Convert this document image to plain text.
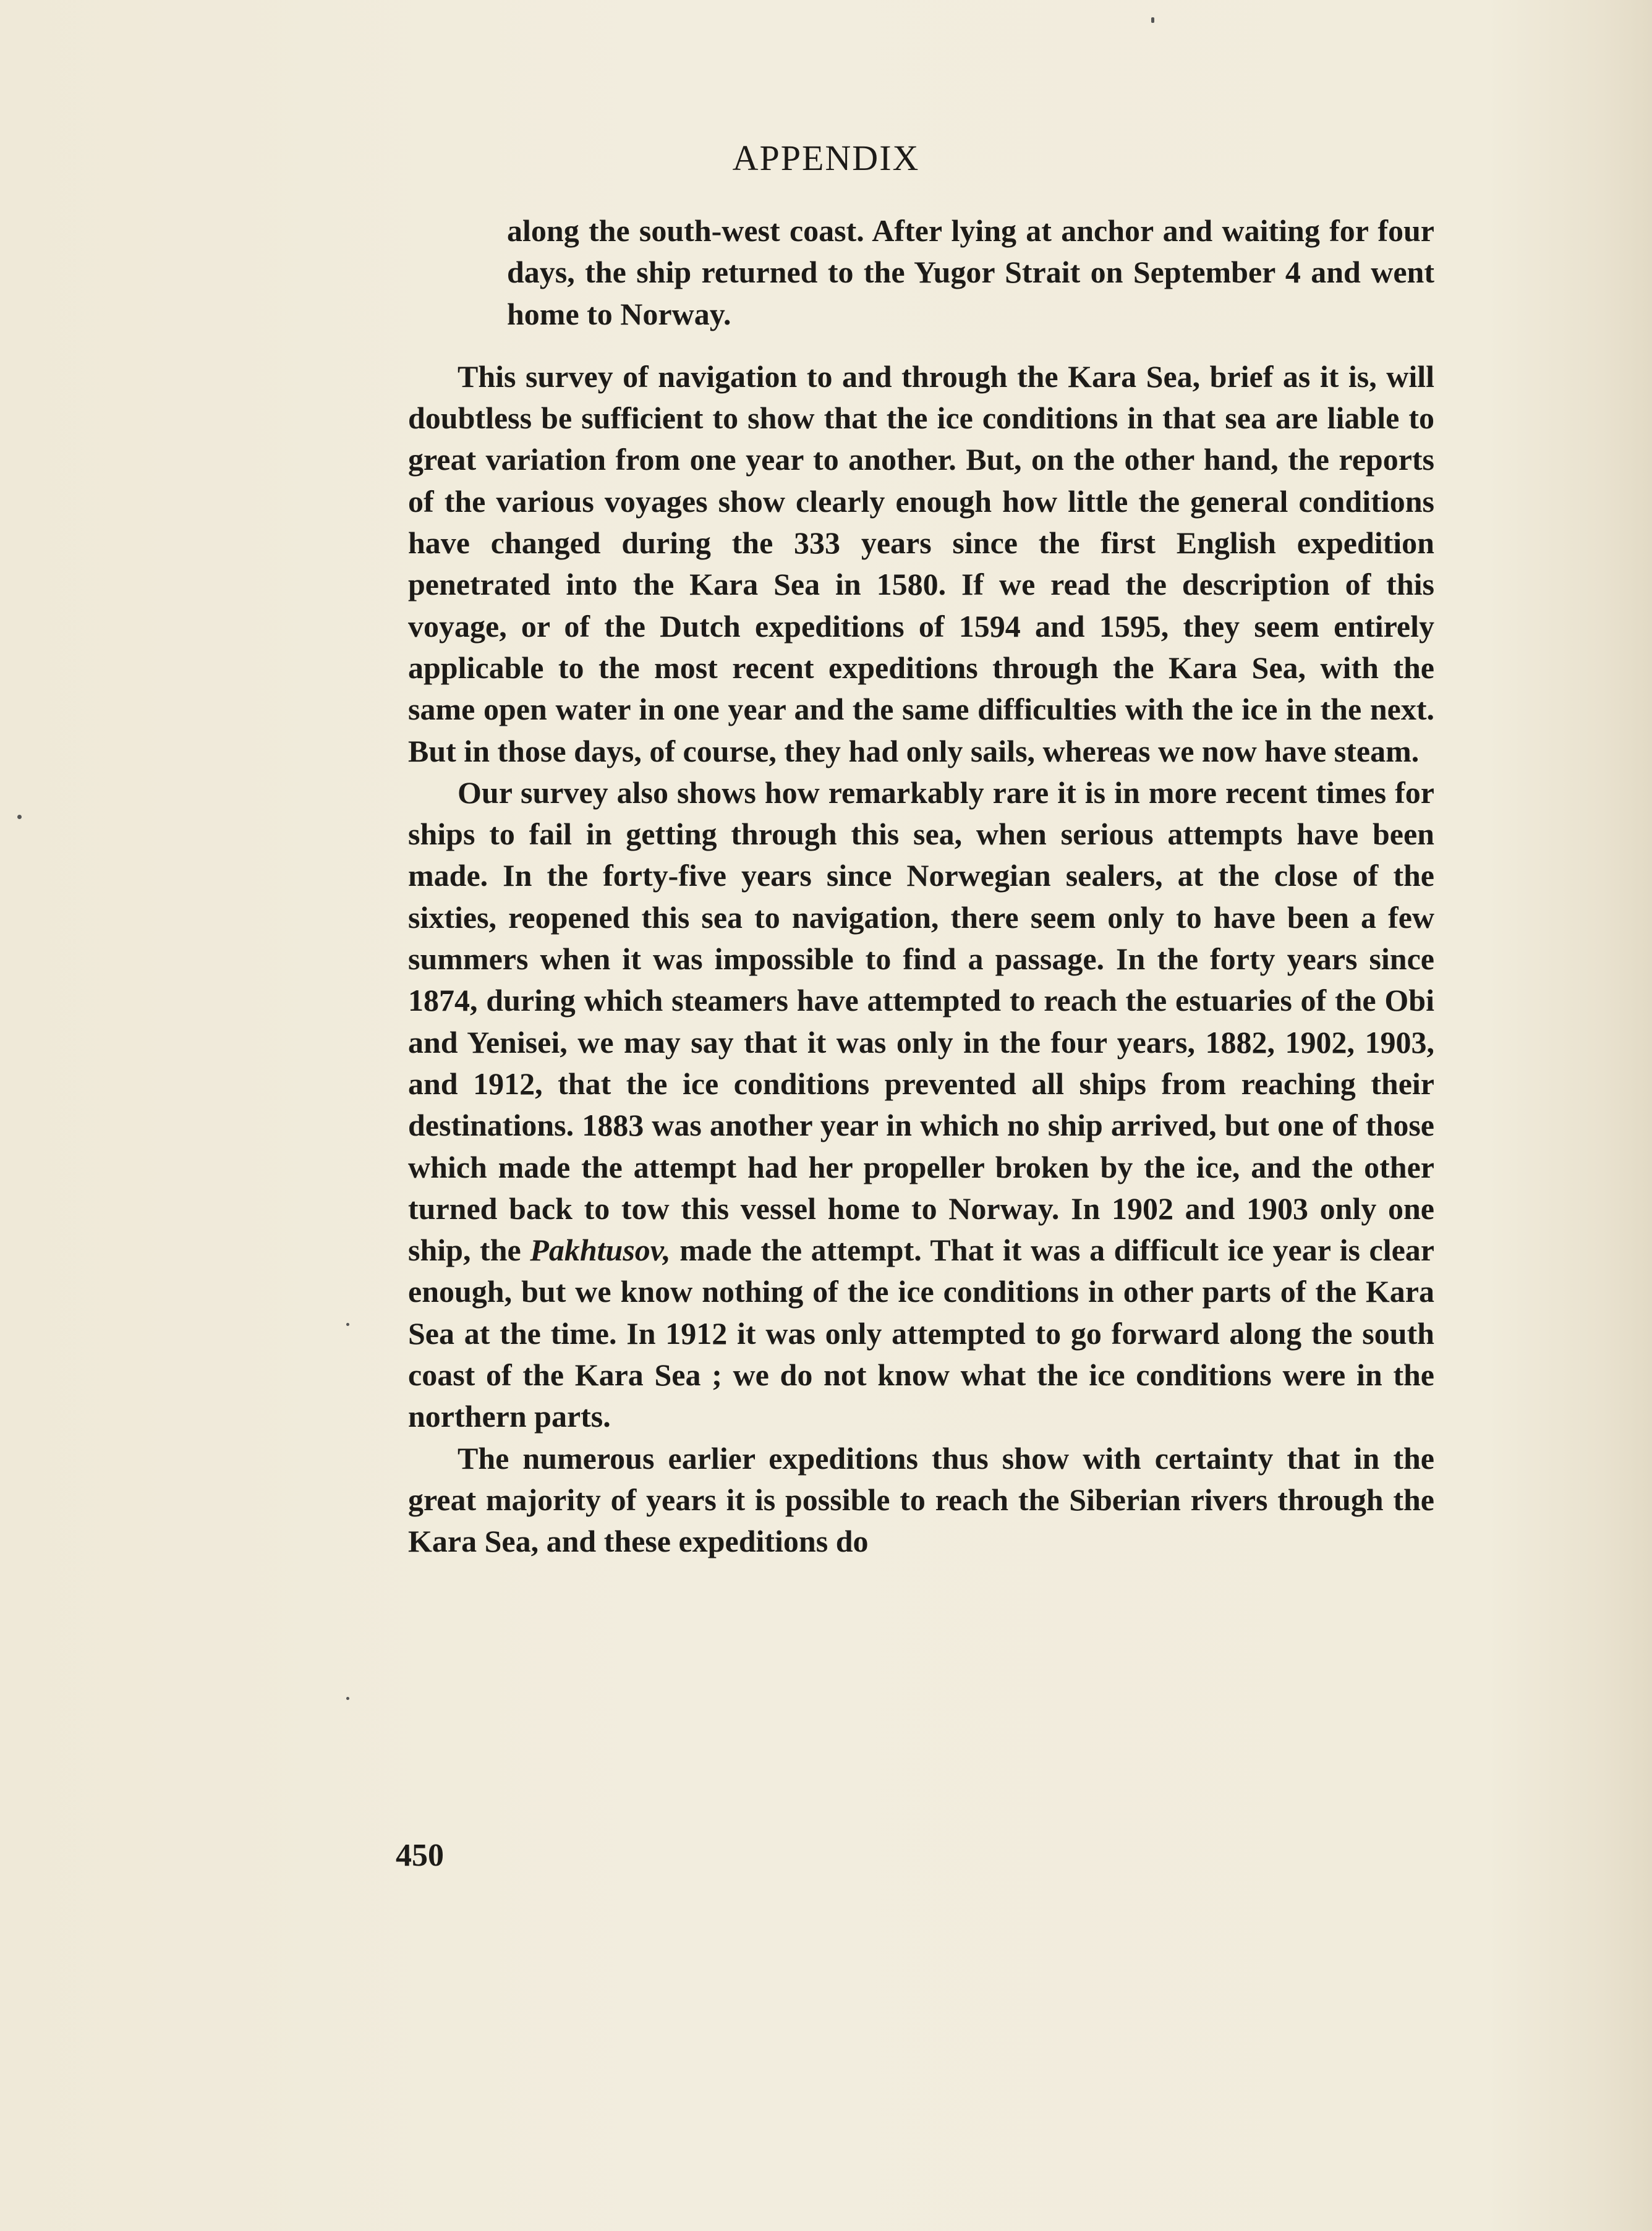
APPENDIX

along the south-west coast. After lying at anchor and waiting for four days, the ship returned to the Yugor Strait on September 4 and went home to Norway.

This survey of navigation to and through the Kara Sea, brief as it is, will doubtless be sufficient to show that the ice conditions in that sea are liable to great variation from one year to another. But, on the other hand, the reports of the various voyages show clearly enough how little the general conditions have changed during the 333 years since the first English expedition penetrated into the Kara Sea in 1580. If we read the description of this voyage, or of the Dutch expeditions of 1594 and 1595, they seem entirely applicable to the most recent expeditions through the Kara Sea, with the same open water in one year and the same difficulties with the ice in the next. But in those days, of course, they had only sails, whereas we now have steam.

Our survey also shows how remarkably rare it is in more recent times for ships to fail in getting through this sea, when serious attempts have been made. In the forty-five years since Norwegian sealers, at the close of the sixties, reopened this sea to navigation, there seem only to have been a few summers when it was impossible to find a passage. In the forty years since 1874, during which steamers have attempted to reach the estuaries of the Obi and Yenisei, we may say that it was only in the four years, 1882, 1902, 1903, and 1912, that the ice conditions prevented all ships from reaching their destinations. 1883 was another year in which no ship arrived, but one of those which made the attempt had her propeller broken by the ice, and the other turned back to tow this vessel home to Norway. In 1902 and 1903 only one ship, the Pakhtusov, made the attempt. That it was a difficult ice year is clear enough, but we know nothing of the ice conditions in other parts of the Kara Sea at the time. In 1912 it was only attempted to go forward along the south coast of the Kara Sea ; we do not know what the ice conditions were in the northern parts.

The numerous earlier expeditions thus show with certainty that in the great majority of years it is possible to reach the Siberian rivers through the Kara Sea, and these expeditions do

450
